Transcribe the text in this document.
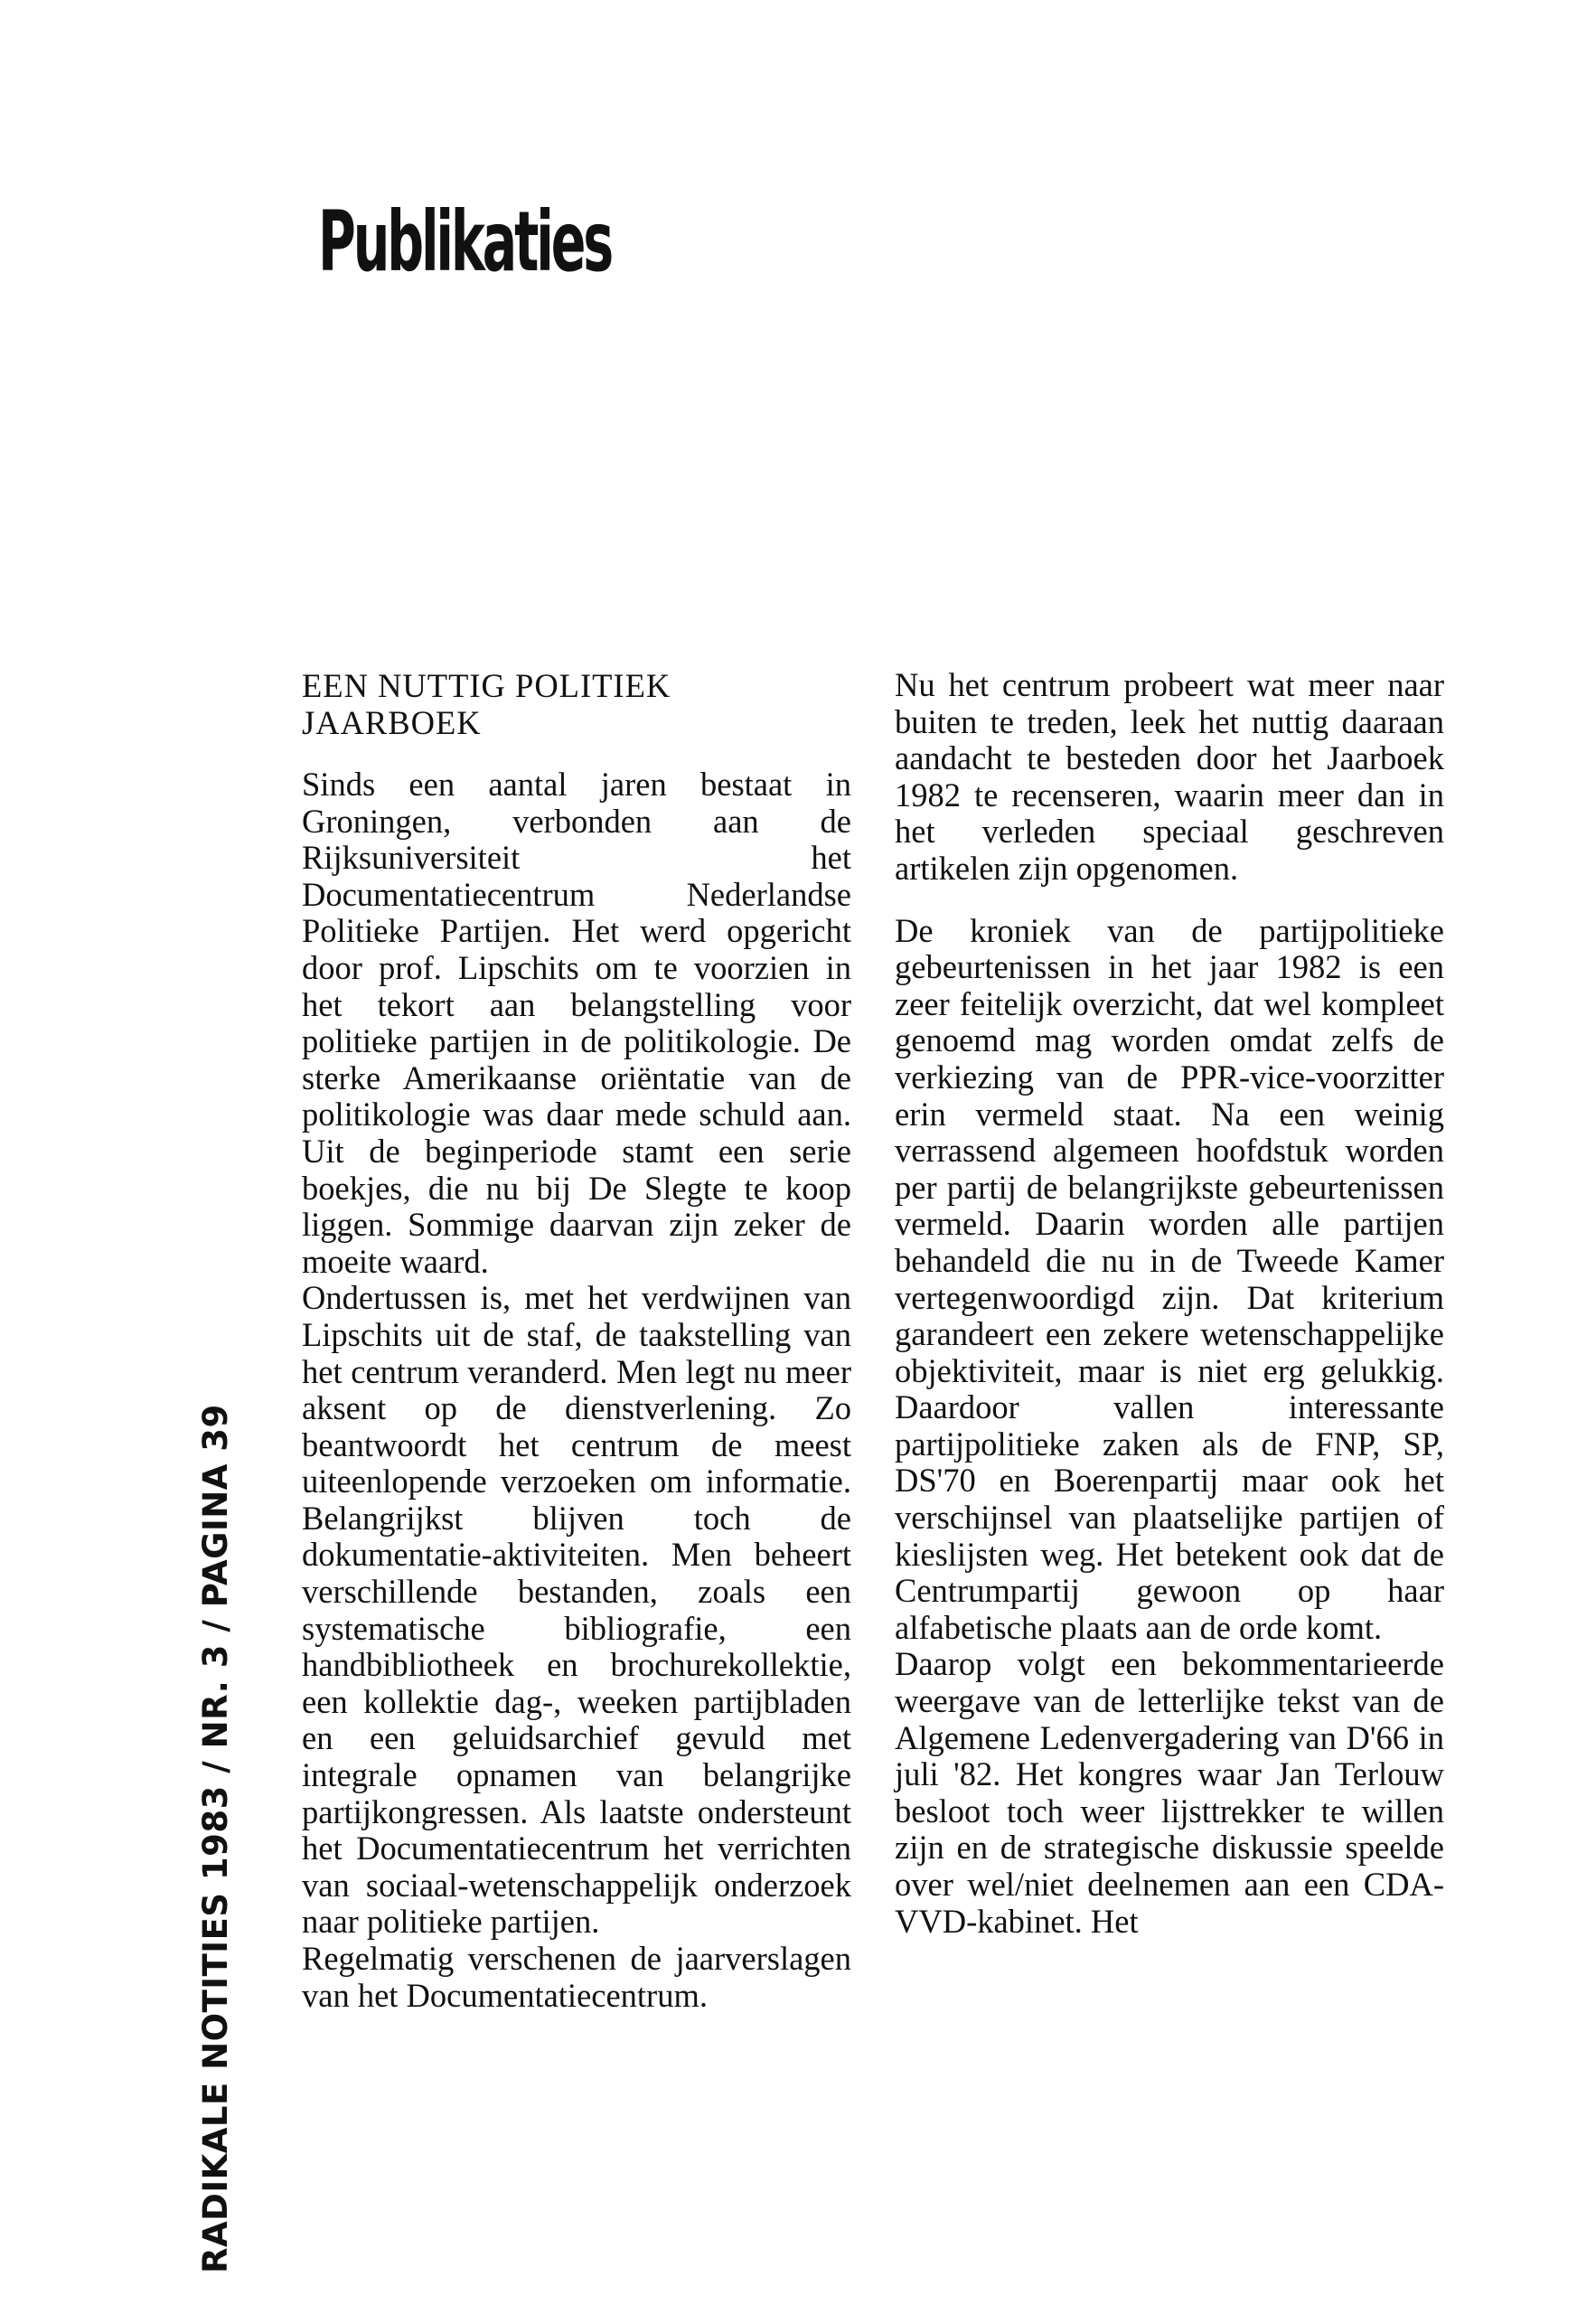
Publikaties
RADIKALE NOTITIES 1983 / NR. 3 / PAGINA 39
EEN NUTTIG POLITIEK JAARBOEK

Sinds een aantal jaren bestaat in Groningen, verbonden aan de Rijksuniversiteit het Documentatiecentrum Nederlandse Politieke Partijen. Het werd opgericht door prof. Lipschits om te voorzien in het tekort aan belangstelling voor politieke partijen in de politikologie. De sterke Amerikaanse oriëntatie van de politikologie was daar mede schuld aan. Uit de beginperiode stamt een serie boekjes, die nu bij De Slegte te koop liggen. Sommige daarvan zijn zeker de moeite waard.

Ondertussen is, met het verdwijnen van Lipschits uit de staf, de taakstelling van het centrum veranderd. Men legt nu meer aksent op de dienstverlening. Zo beantwoordt het centrum de meest uiteenlopende verzoeken om informatie. Belangrijkst blijven toch de dokumentatie-aktiviteiten. Men beheert verschillende bestanden, zoals een systematische bibliografie, een handbibliotheek en brochurekollektie, een kollektie dag-, weeken partijbladen en een geluidsarchief gevuld met integrale opnamen van belangrijke partijkongressen. Als laatste ondersteunt het Documentatiecentrum het verrichten van sociaal-wetenschappelijk onderzoek naar politieke partijen.

Regelmatig verschenen de jaarverslagen van het Documentatiecentrum.

Nu het centrum probeert wat meer naar buiten te treden, leek het nuttig daaraan aandacht te besteden door het Jaarboek 1982 te recenseren, waarin meer dan in het verleden speciaal geschreven artikelen zijn opgenomen.

De kroniek van de partijpolitieke gebeurtenissen in het jaar 1982 is een zeer feitelijk overzicht, dat wel kompleet genoemd mag worden omdat zelfs de verkiezing van de PPR-vice-voorzitter erin vermeld staat. Na een weinig verrassend algemeen hoofdstuk worden per partij de belangrijkste gebeurtenissen vermeld. Daarin worden alle partijen behandeld die nu in de Tweede Kamer vertegenwoordigd zijn. Dat kriterium garandeert een zekere wetenschappelijke objektiviteit, maar is niet erg gelukkig. Daardoor vallen interessante partijpolitieke zaken als de FNP, SP, DS'70 en Boerenpartij maar ook het verschijnsel van plaatselijke partijen of kieslijsten weg. Het betekent ook dat de Centrumpartij gewoon op haar alfabetische plaats aan de orde komt.

Daarop volgt een bekommentarieerde weergave van de letterlijke tekst van de Algemene Ledenvergadering van D'66 in juli '82. Het kongres waar Jan Terlouw besloot toch weer lijsttrekker te willen zijn en de strategische diskussie speelde over wel/niet deelnemen aan een CDA-VVD-kabinet. Het
